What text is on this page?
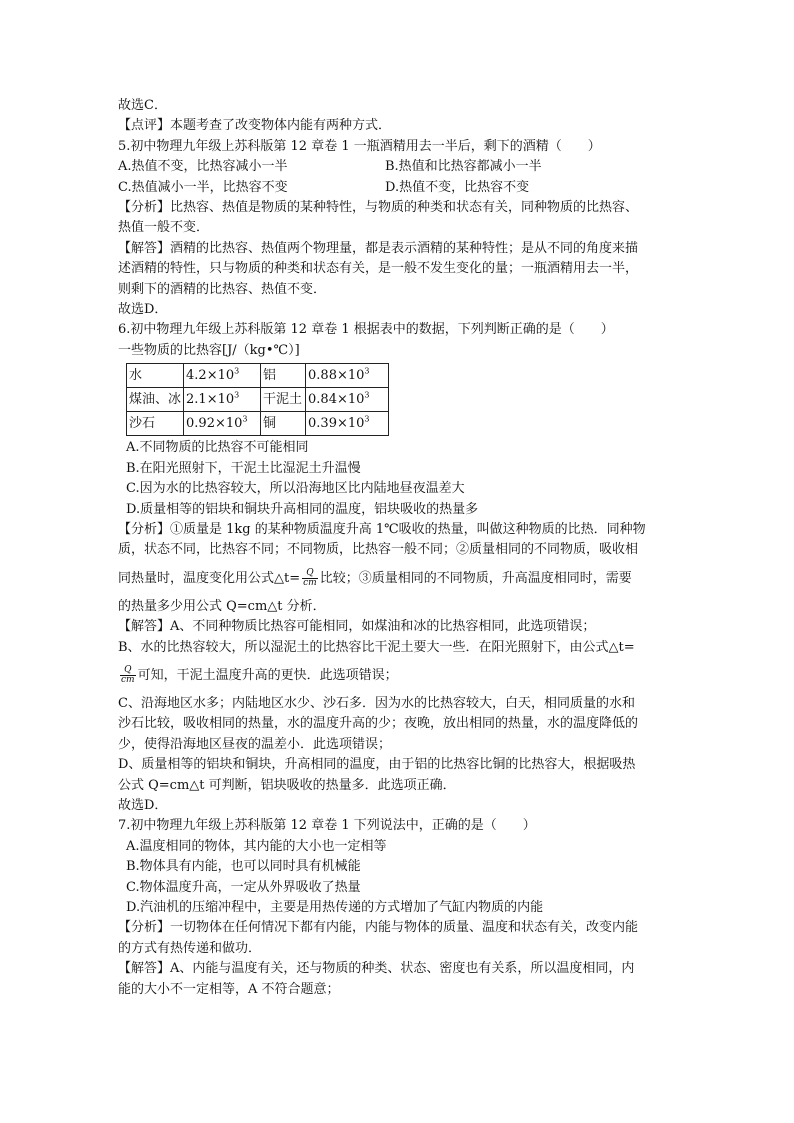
故选C．
【点评】本题考查了改变物体内能有两种方式．
5.初中物理九年级上苏科版第 12 章卷 1 一瓶酒精用去一半后，剩下的酒精（　　）
A.热值不变，比热容减小一半	B.热值和比热容都减小一半
C.热值减小一半，比热容不变	D.热值不变，比热容不变
【分析】比热容、热值是物质的某种特性，与物质的种类和状态有关，同种物质的比热容、
热值一般不变．
【解答】酒精的比热容、热值两个物理量，都是表示酒精的某种特性；是从不同的角度来描
述酒精的特性，只与物质的种类和状态有关，是一般不发生变化的量；一瓶酒精用去一半，
则剩下的酒精的比热容、热值不变．
故选D．
6.初中物理九年级上苏科版第 12 章卷 1 根据表中的数据，下列判断正确的是（　　）
一些物质的比热容[J/（kg•℃）]
水	$4.2\times 10^3$	铝	$0.88\times 10^3$
煤油、冰	$2.1\times 10^3$	干泥土	$0.84\times 10^3$
沙石	$0.92\times 10^3$	铜	$0.39\times 10^3$
A.不同物质的比热容不可能相同
B.在阳光照射下，干泥土比湿泥土升温慢
C.因为水的比热容较大，所以沿海地区比内陆地昼夜温差大
D.质量相等的铝块和铜块升高相同的温度，铝块吸收的热量多
【分析】①质量是 1kg 的某种物质温度升高 1℃吸收的热量，叫做这种物质的比热．同种物
质，状态不同，比热容不同；不同物质，比热容一般不同；②质量相同的不同物质，吸收相
同热量时，温度变化用公式△t= $\frac{Q}{cm}$ 比较；③质量相同的不同物质，升高温度相同时，需要
的热量多少用公式 Q=cm△t 分析．
【解答】A、不同种物质比热容可能相同，如煤油和冰的比热容相同，此选项错误；
B、水的比热容较大，所以湿泥土的比热容比干泥土要大一些．在阳光照射下，由公式△t=
$\frac{Q}{cm}$ 可知，干泥土温度升高的更快．此选项错误；
C、沿海地区水多；内陆地区水少、沙石多．因为水的比热容较大，白天，相同质量的水和
沙石比较，吸收相同的热量，水的温度升高的少；夜晚，放出相同的热量，水的温度降低的
少，使得沿海地区昼夜的温差小．此选项错误；
D、质量相等的铝块和铜块，升高相同的温度，由于铝的比热容比铜的比热容大，根据吸热
公式 Q=cm△t 可判断，铝块吸收的热量多．此选项正确．
故选D．
7.初中物理九年级上苏科版第 12 章卷 1 下列说法中，正确的是（　　）
A.温度相同的物体，其内能的大小也一定相等
B.物体具有内能，也可以同时具有机械能
C.物体温度升高，一定从外界吸收了热量
D.汽油机的压缩冲程中，主要是用热传递的方式增加了气缸内物质的内能
【分析】一切物体在任何情况下都有内能，内能与物体的质量、温度和状态有关，改变内能
的方式有热传递和做功．
【解答】A、内能与温度有关，还与物质的种类、状态、密度也有关系，所以温度相同，内
能的大小不一定相等，A 不符合题意；
